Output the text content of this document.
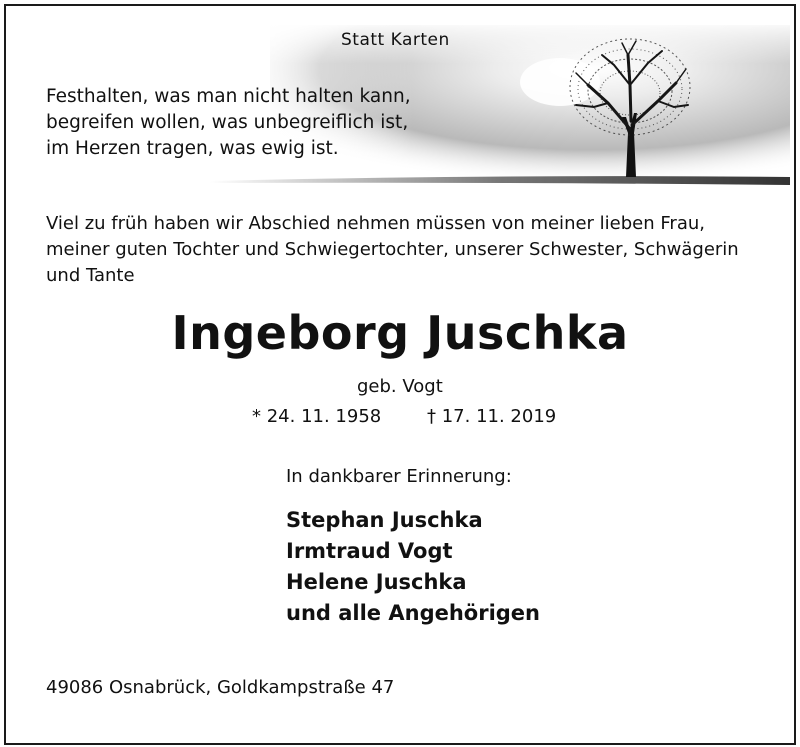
Statt Karten
Festhalten, was man nicht halten kann,
begreifen wollen, was unbegreiflich ist,
im Herzen tragen, was ewig ist.
Viel zu früh haben wir Abschied nehmen müssen von meiner lieben Frau,
meiner guten Tochter und Schwiegertochter, unserer Schwester, Schwägerin
und Tante
Ingeborg Juschka
geb. Vogt
* 24. 11. 1958	† 17. 11. 2019
In dankbarer Erinnerung:
Stephan Juschka
Irmtraud Vogt
Helene Juschka
und alle Angehörigen
49086 Osnabrück, Goldkampstraße 47
